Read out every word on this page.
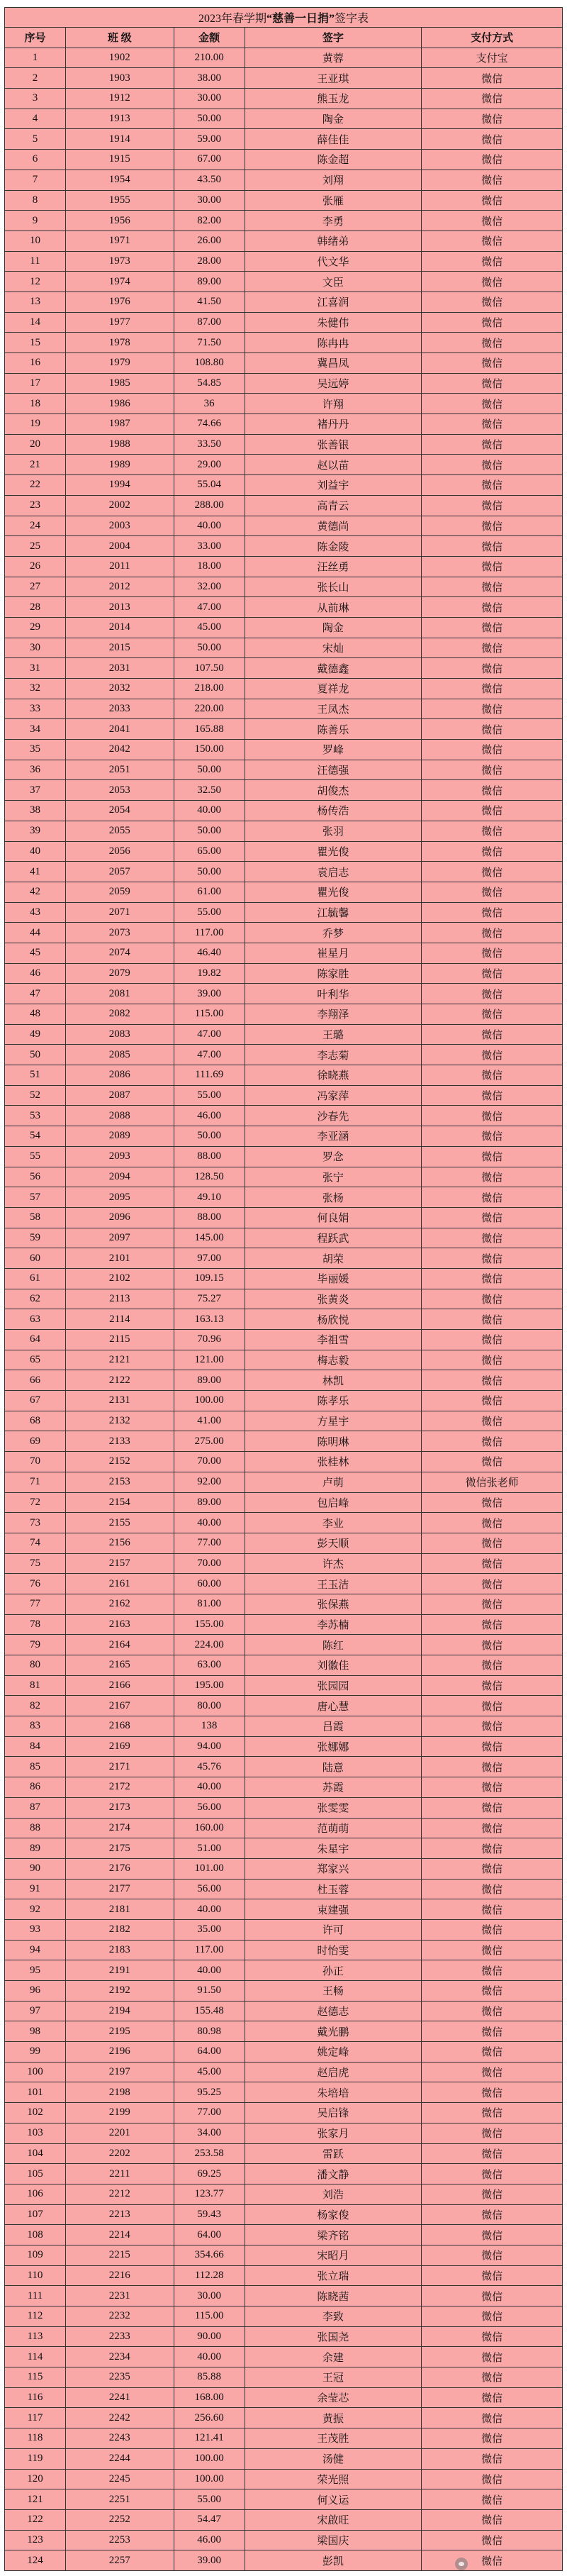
2023年春学期 “慈善一日捐” 签字表
序号	班 级	金额	签字	支付方式
1	1902	210.00	黄蓉	支付宝
2	1903	38.00	王亚琪	微信
3	1912	30.00	熊玉龙	微信
4	1913	50.00	陶金	微信
5	1914	59.00	薛佳佳	微信
6	1915	67.00	陈金超	微信
7	1954	43.50	刘翔	微信
8	1955	30.00	张雁	微信
9	1956	82.00	李勇	微信
10	1971	26.00	韩绪弟	微信
11	1973	28.00	代文华	微信
12	1974	89.00	文臣	微信
13	1976	41.50	江喜润	微信
14	1977	87.00	朱健伟	微信
15	1978	71.50	陈冉冉	微信
16	1979	108.80	冀昌凤	微信
17	1985	54.85	吴远婷	微信
18	1986	36	许翔	微信
19	1987	74.66	褚丹丹	微信
20	1988	33.50	张善银	微信
21	1989	29.00	赵以苗	微信
22	1994	55.04	刘益宇	微信
23	2002	288.00	高青云	微信
24	2003	40.00	黄德尚	微信
25	2004	33.00	陈金陵	微信
26	2011	18.00	汪丝勇	微信
27	2012	32.00	张长山	微信
28	2013	47.00	从前琳	微信
29	2014	45.00	陶金	微信
30	2015	50.00	宋灿	微信
31	2031	107.50	戴德鑫	微信
32	2032	218.00	夏祥龙	微信
33	2033	220.00	王凤杰	微信
34	2041	165.88	陈善乐	微信
35	2042	150.00	罗峰	微信
36	2051	50.00	汪德强	微信
37	2053	32.50	胡俊杰	微信
38	2054	40.00	杨传浩	微信
39	2055	50.00	张羽	微信
40	2056	65.00	瞿光俊	微信
41	2057	50.00	袁启志	微信
42	2059	61.00	瞿光俊	微信
43	2071	55.00	江毓馨	微信
44	2073	117.00	乔梦	微信
45	2074	46.40	崔星月	微信
46	2079	19.82	陈家胜	微信
47	2081	39.00	叶利华	微信
48	2082	115.00	李翔泽	微信
49	2083	47.00	王璐	微信
50	2085	47.00	李志菊	微信
51	2086	111.69	徐晓燕	微信
52	2087	55.00	冯家萍	微信
53	2088	46.00	沙春先	微信
54	2089	50.00	李亚涵	微信
55	2093	88.00	罗念	微信
56	2094	128.50	张宁	微信
57	2095	49.10	张杨	微信
58	2096	88.00	何良娟	微信
59	2097	145.00	程跃武	微信
60	2101	97.00	胡荣	微信
61	2102	109.15	毕丽媛	微信
62	2113	75.27	张黄炎	微信
63	2114	163.13	杨欣悦	微信
64	2115	70.96	李祖雪	微信
65	2121	121.00	梅志毅	微信
66	2122	89.00	林凯	微信
67	2131	100.00	陈孝乐	微信
68	2132	41.00	方星宇	微信
69	2133	275.00	陈明琳	微信
70	2152	70.00	张桂林	微信
71	2153	92.00	卢萌	微信张老师
72	2154	89.00	包启峰	微信
73	2155	40.00	李业	微信
74	2156	77.00	彭天顺	微信
75	2157	70.00	许杰	微信
76	2161	60.00	王玉洁	微信
77	2162	81.00	张保燕	微信
78	2163	155.00	李苏楠	微信
79	2164	224.00	陈红	微信
80	2165	63.00	刘徽佳	微信
81	2166	195.00	张园园	微信
82	2167	80.00	唐心慧	微信
83	2168	138	吕霞	微信
84	2169	94.00	张娜娜	微信
85	2171	45.76	陆意	微信
86	2172	40.00	苏霞	微信
87	2173	56.00	张雯雯	微信
88	2174	160.00	范萌萌	微信
89	2175	51.00	朱星宇	微信
90	2176	101.00	郑家兴	微信
91	2177	56.00	杜玉蓉	微信
92	2181	40.00	束建强	微信
93	2182	35.00	许可	微信
94	2183	117.00	时怡雯	微信
95	2191	40.00	孙正	微信
96	2192	91.50	王畅	微信
97	2194	155.48	赵德志	微信
98	2195	80.98	戴光鹏	微信
99	2196	64.00	姚定峰	微信
100	2197	45.00	赵启虎	微信
101	2198	95.25	朱培培	微信
102	2199	77.00	吴启锋	微信
103	2201	34.00	张家月	微信
104	2202	253.58	雷跃	微信
105	2211	69.25	潘文静	微信
106	2212	123.77	刘浩	微信
107	2213	59.43	杨家俊	微信
108	2214	64.00	梁齐铭	微信
109	2215	354.66	宋昭月	微信
110	2216	112.28	张立瑞	微信
111	2231	30.00	陈晓茜	微信
112	2232	115.00	李致	微信
113	2233	90.00	张国尧	微信
114	2234	40.00	余建	微信
115	2235	85.88	王冠	微信
116	2241	168.00	余莹芯	微信
117	2242	256.60	黄振	微信
118	2243	121.41	王茂胜	微信
119	2244	100.00	汤健	微信
120	2245	100.00	荣光照	微信
121	2251	55.00	何义运	微信
122	2252	54.47	宋啟旺	微信
123	2253	46.00	梁国庆	微信
124	2257	39.00	彭凯	微信
